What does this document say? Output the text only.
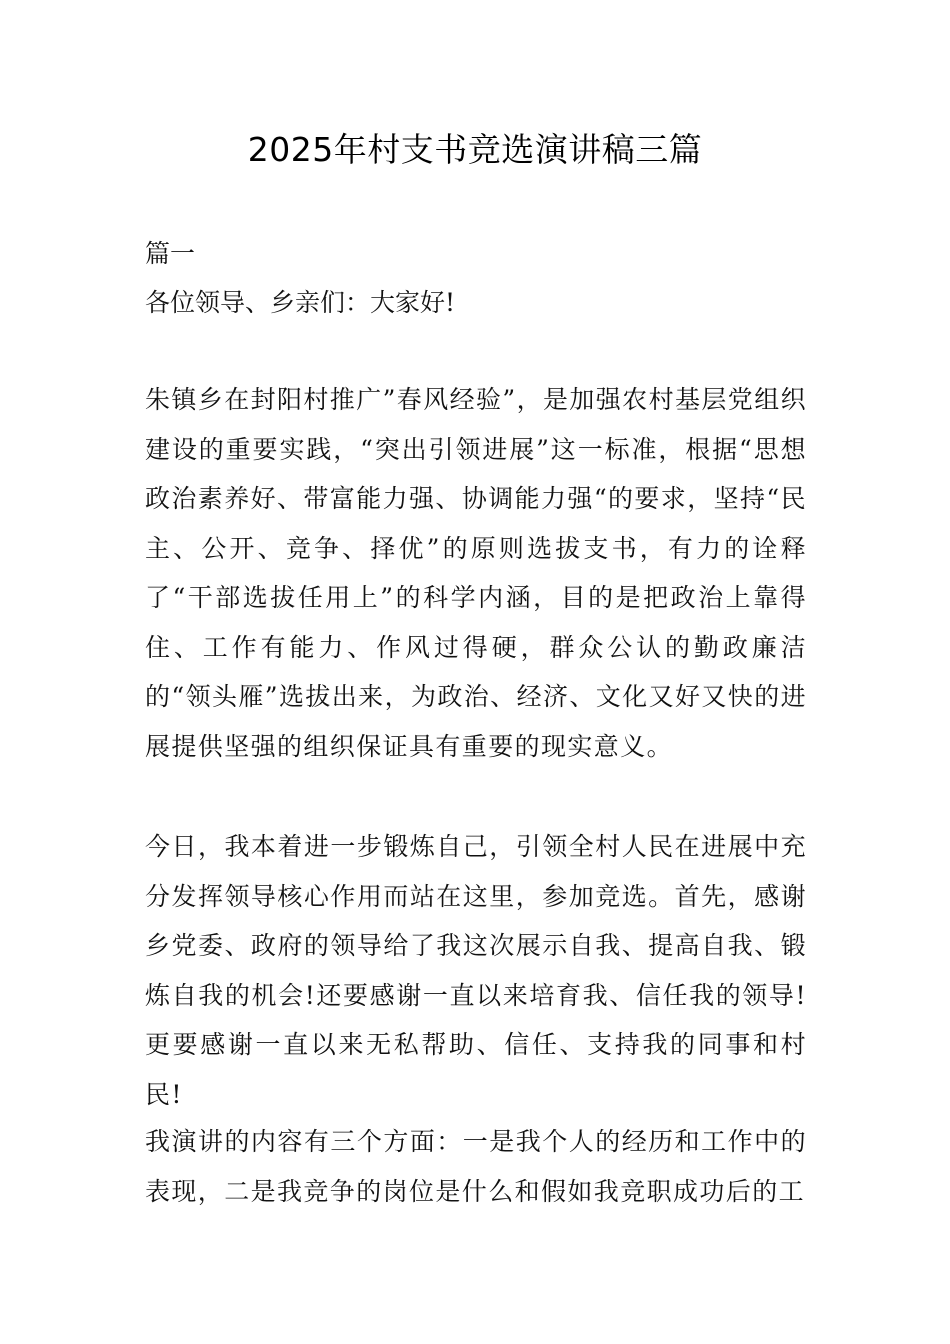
2025年村支书竞选演讲稿三篇

篇一

各位领导、乡亲们：大家好!

朱镇乡在封阳村推广”春风经验”，是加强农村基层党组织建设的重要实践，“突出引领进展”这一标准，根据“思想政治素养好、带富能力强、协调能力强“的要求，坚持“民主、公开、竞争、择优”的原则选拔支书，有力的诠释了“干部选拔任用上”的科学内涵，目的是把政治上靠得住、工作有能力、作风过得硬，群众公认的勤政廉洁的“领头雁”选拔出来，为政治、经济、文化又好又快的进展提供坚强的组织保证具有重要的现实意义。

今日，我本着进一步锻炼自己，引领全村人民在进展中充分发挥领导核心作用而站在这里，参加竞选。首先，感谢乡党委、政府的领导给了我这次展示自我、提高自我、锻炼自我的机会!还要感谢一直以来培育我、信任我的领导!更要感谢一直以来无私帮助、信任、支持我的同事和村民!

我演讲的内容有三个方面：一是我个人的经历和工作中的表现，二是我竞争的岗位是什么和假如我竞职成功后的工
